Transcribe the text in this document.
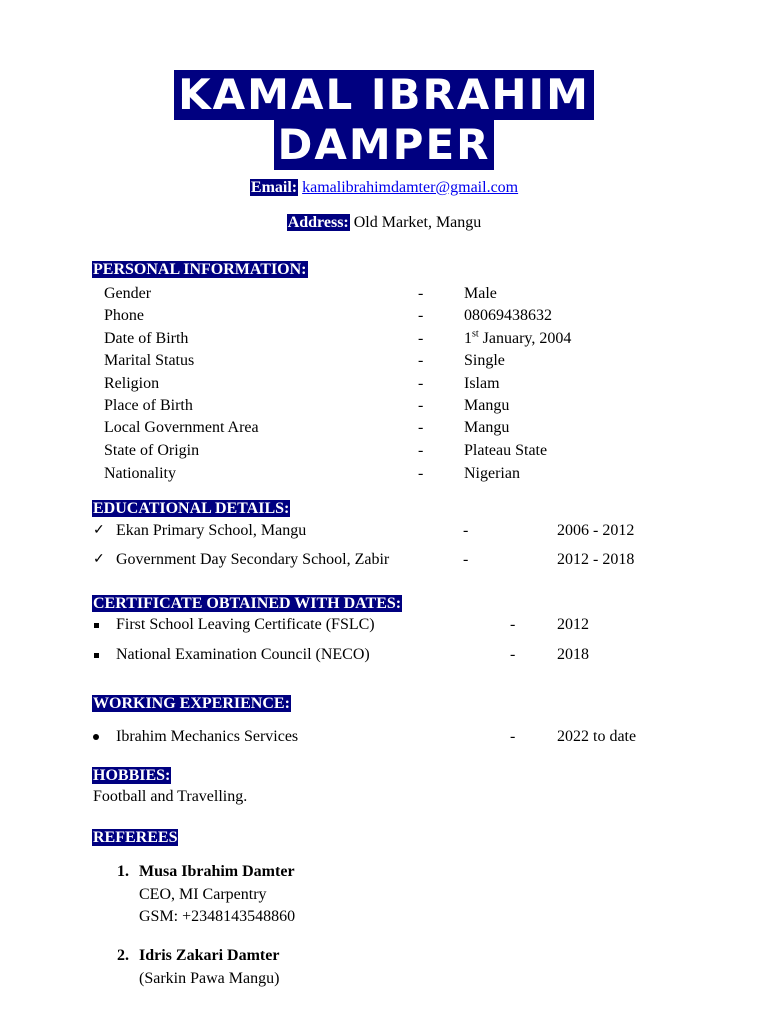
KAMAL IBRAHIM
DAMPER
Email: kamalibrahimdamter@gmail.com
Address: Old Market, Mangu
PERSONAL INFORMATION:
Gender	-	Male
Phone	-	08069438632
Date of Birth	-	1st January, 2004
Marital Status	-	Single
Religion	-	Islam
Place of Birth	-	Mangu
Local Government Area	-	Mangu
State of Origin	-	Plateau State
Nationality	-	Nigerian
EDUCATIONAL DETAILS:
✓ Ekan Primary School, Mangu	-	2006 - 2012
✓ Government Day Secondary School, Zabir	-	2012 - 2018
CERTIFICATE OBTAINED WITH DATES:
First School Leaving Certificate (FSLC)	-	2012
National Examination Council (NECO)	-	2018
WORKING EXPERIENCE:
Ibrahim Mechanics Services	-	2022 to date
HOBBIES:
Football and Travelling.
REFEREES
1. Musa Ibrahim Damter
CEO, MI Carpentry
GSM: +2348143548860
2. Idris Zakari Damter
(Sarkin Pawa Mangu)
